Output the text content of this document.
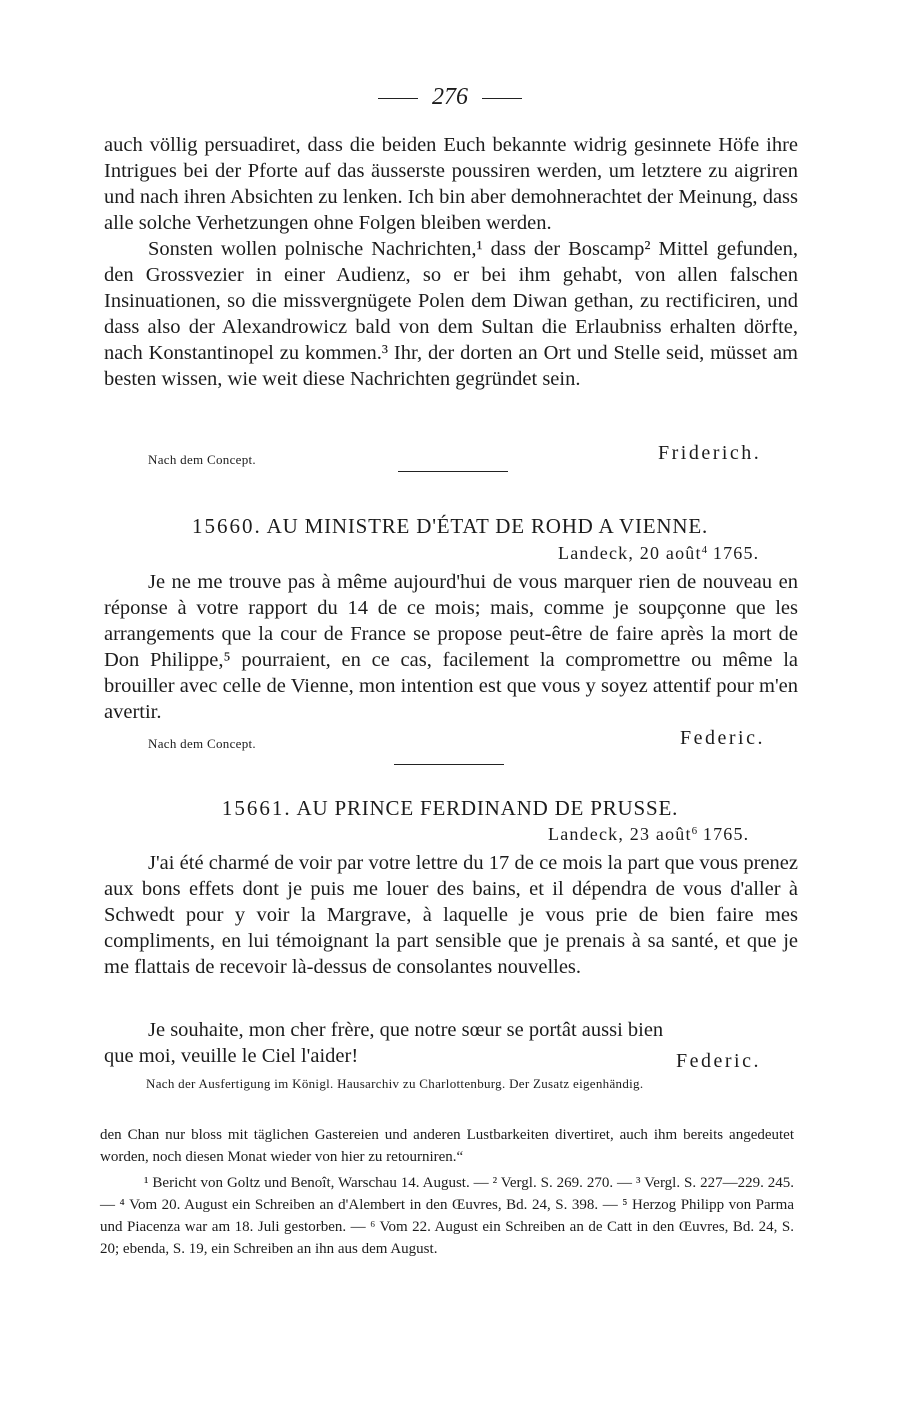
276

auch völlig persuadiret, dass die beiden Euch bekannte widrig gesinnete Höfe ihre Intrigues bei der Pforte auf das äusserste poussiren werden, um letztere zu aigriren und nach ihren Absichten zu lenken. Ich bin aber demohnerachtet der Meinung, dass alle solche Verhetzungen ohne Folgen bleiben werden.

Sonsten wollen polnische Nachrichten,¹ dass der Boscamp² Mittel gefunden, den Grossvezier in einer Audienz, so er bei ihm gehabt, von allen falschen Insinuationen, so die missvergnügete Polen dem Diwan gethan, zu rectificiren, und dass also der Alexandrowicz bald von dem Sultan die Erlaubniss erhalten dörfte, nach Konstantinopel zu kommen.³ Ihr, der dorten an Ort und Stelle seid, müsset am besten wissen, wie weit diese Nachrichten gegründet sein.

Nach dem Concept.	Friderich.
15660. AU MINISTRE D'ÉTAT DE ROHD A VIENNE.
Landeck, 20 août$^4$ 1765.

Je ne me trouve pas à même aujourd'hui de vous marquer rien de nouveau en réponse à votre rapport du 14 de ce mois; mais, comme je soupçonne que les arrangements que la cour de France se propose peut-être de faire après la mort de Don Philippe,⁵ pourraient, en ce cas, facilement la compromettre ou même la brouiller avec celle de Vienne, mon intention est que vous y soyez attentif pour m'en avertir.

Nach dem Concept.	Federic.
15661. AU PRINCE FERDINAND DE PRUSSE.
Landeck, 23 août$^6$ 1765.

J'ai été charmé de voir par votre lettre du 17 de ce mois la part que vous prenez aux bons effets dont je puis me louer des bains, et il dépendra de vous d'aller à Schwedt pour y voir la Margrave, à laquelle je vous prie de bien faire mes compliments, en lui témoignant la part sensible que je prenais à sa santé, et que je me flattais de recevoir là-dessus de consolantes nouvelles.

Je souhaite, mon cher frère, que notre sœur se portât aussi bien que moi, veuille le Ciel l'aider!	Federic.
Nach der Ausfertigung im Königl. Hausarchiv zu Charlottenburg. Der Zusatz eigenhändig.

den Chan nur bloss mit täglichen Gastereien und anderen Lustbarkeiten divertiret, auch ihm bereits angedeutet worden, noch diesen Monat wieder von hier zu retourniren.“

¹ Bericht von Goltz und Benoît, Warschau 14. August. — ² Vergl. S. 269. 270. — ³ Vergl. S. 227—229. 245. — ⁴ Vom 20. August ein Schreiben an d'Alembert in den Œuvres, Bd. 24, S. 398. — ⁵ Herzog Philipp von Parma und Piacenza war am 18. Juli gestorben. — ⁶ Vom 22. August ein Schreiben an de Catt in den Œuvres, Bd. 24, S. 20; ebenda, S. 19, ein Schreiben an ihn aus dem August.
